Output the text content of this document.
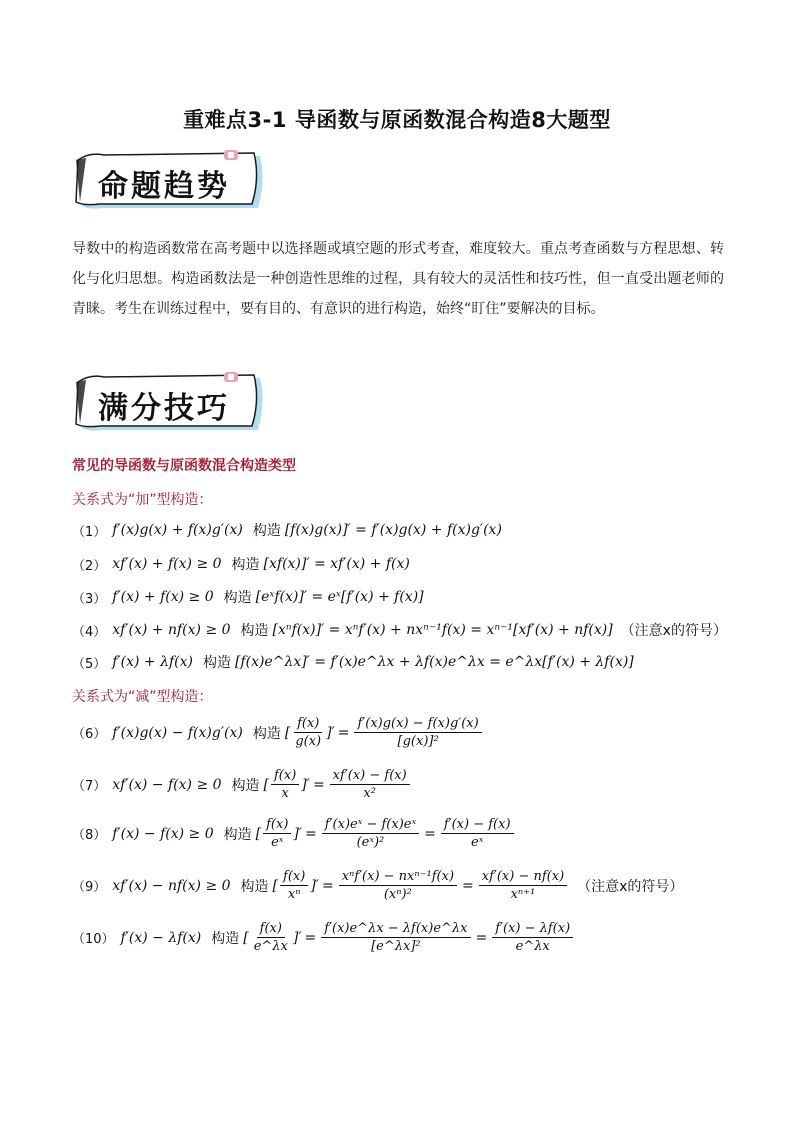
重难点3-1 导函数与原函数混合构造8大题型
命题趋势
导数中的构造函数常在高考题中以选择题或填空题的形式考查，难度较大。重点考查函数与方程思想、转化与化归思想。构造函数法是一种创造性思维的过程，具有较大的灵活性和技巧性，但一直受出题老师的青睐。考生在训练过程中，要有目的、有意识的进行构造，始终“盯住”要解决的目标。
满分技巧
常见的导函数与原函数混合构造类型
关系式为“加”型构造：
（1） f′(x)g(x) + f(x)g′(x) 构造 [f(x)g(x)]′ = f′(x)g(x) + f(x)g′(x)
（2） xf′(x) + f(x) ≥ 0 构造 [xf(x)]′ = xf′(x) + f(x)
（3） f′(x) + f(x) ≥ 0 构造 [eˣf(x)]′ = eˣ[f′(x) + f(x)]
（4） xf′(x) + nf(x) ≥ 0 构造 [xⁿf(x)]′ = xⁿf′(x) + nxⁿ⁻¹f(x) = xⁿ⁻¹[xf′(x) + nf(x)] （注意x的符号）
（5） f′(x) + λf(x) 构造 [f(x)e^λx]′ = f′(x)e^λx + λf(x)e^λx = e^λx[f′(x) + λf(x)]
关系式为“减”型构造：
（6） f′(x)g(x) − f(x)g′(x) 构造 [ $\frac{f(x)}{g(x)}$ ]′ = $\frac{f'(x)g(x) - f(x)g'(x)}{\text{[g(x)]²}}$
（7） xf′(x) − f(x) ≥ 0 构造 [ $\frac{f(x)}{x}$ ]′ = $\frac{xf'(x) - f(x)}{\text{x²}}$
（8） f′(x) − f(x) ≥ 0 构造 [ $\frac{f(x)}{\text{eˣ}}$ ]′ = $\frac{\text{f′(x)eˣ − f(x)eˣ}}{\text{(eˣ)²}} = \frac{f'(x) - f(x)}{\text{eˣ}}$
（9） xf′(x) − nf(x) ≥ 0 构造 [ $\frac{f(x)}{\text{xⁿ}}$ ]′ = $\frac{\text{xⁿf′(x) − nxⁿ⁻¹f(x)}}{\text{(xⁿ)²}} = \frac{xf'(x) - nf(x)}{\text{xⁿ⁺¹}}$ （注意x的符号）
（10） f′(x) − λf(x) 构造 [ $\frac{f(x)}{e\^{}\lambda x}$ ]′ = $\frac{f'(x)e\^{}\lambda x - \lambda f(x)e\^{}\lambda x}{\text{[e\textasciicircum{}λx]²}} = \frac{f'(x) - \lambda f(x)}{e\^{}\lambda x}$
